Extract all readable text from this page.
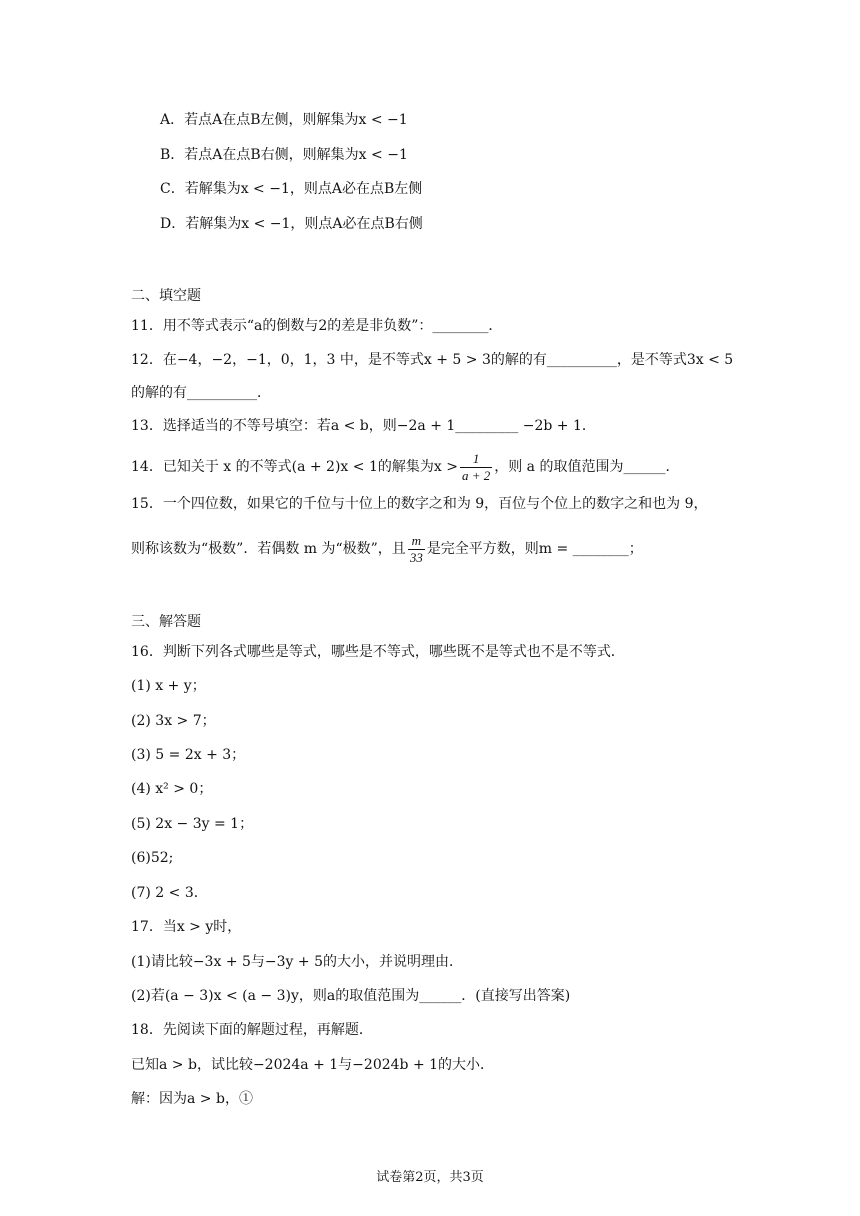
A．若点A在点B左侧，则解集为x < −1
B．若点A在点B右侧，则解集为x < −1
C．若解集为x < −1，则点A必在点B左侧
D．若解集为x < −1，则点A必在点B右侧
二、填空题
11．用不等式表示“a的倒数与2的差是非负数”：________．
12．在−4，−2，−1，0，1，3 中，是不等式x + 5 > 3的解的有__________，是不等式3x < 5
的解的有__________．
13．选择适当的不等号填空：若a < b，则−2a + 1_________ −2b + 1．
14．已知关于 x 的不等式(a + 2)x < 1的解集为$x > \frac{1}{a + 2}$ ，则 a 的取值范围为______．
15．一个四位数，如果它的千位与十位上的数字之和为 9，百位与个位上的数字之和也为 9，
则称该数为“极数”．若偶数 m 为“极数”，且 $\frac{m}{33}$ 是完全平方数，则m = ________；
三、解答题
16．判断下列各式哪些是等式，哪些是不等式，哪些既不是等式也不是不等式．
(1) x + y；
(2) 3x > 7；
(3) 5 = 2x + 3；
(4) x² > 0；
(5) 2x − 3y = 1；
(6)52;
(7) 2 < 3．
17．当x > y时，
(1)请比较−3x + 5与−3y + 5的大小，并说明理由．
(2)若(a − 3)x < (a − 3)y，则a的取值范围为______．(直接写出答案)
18．先阅读下面的解题过程，再解题．
已知a > b，试比较−2024a + 1与−2024b + 1的大小．
解：因为a > b，①
试卷第2页，共3页
